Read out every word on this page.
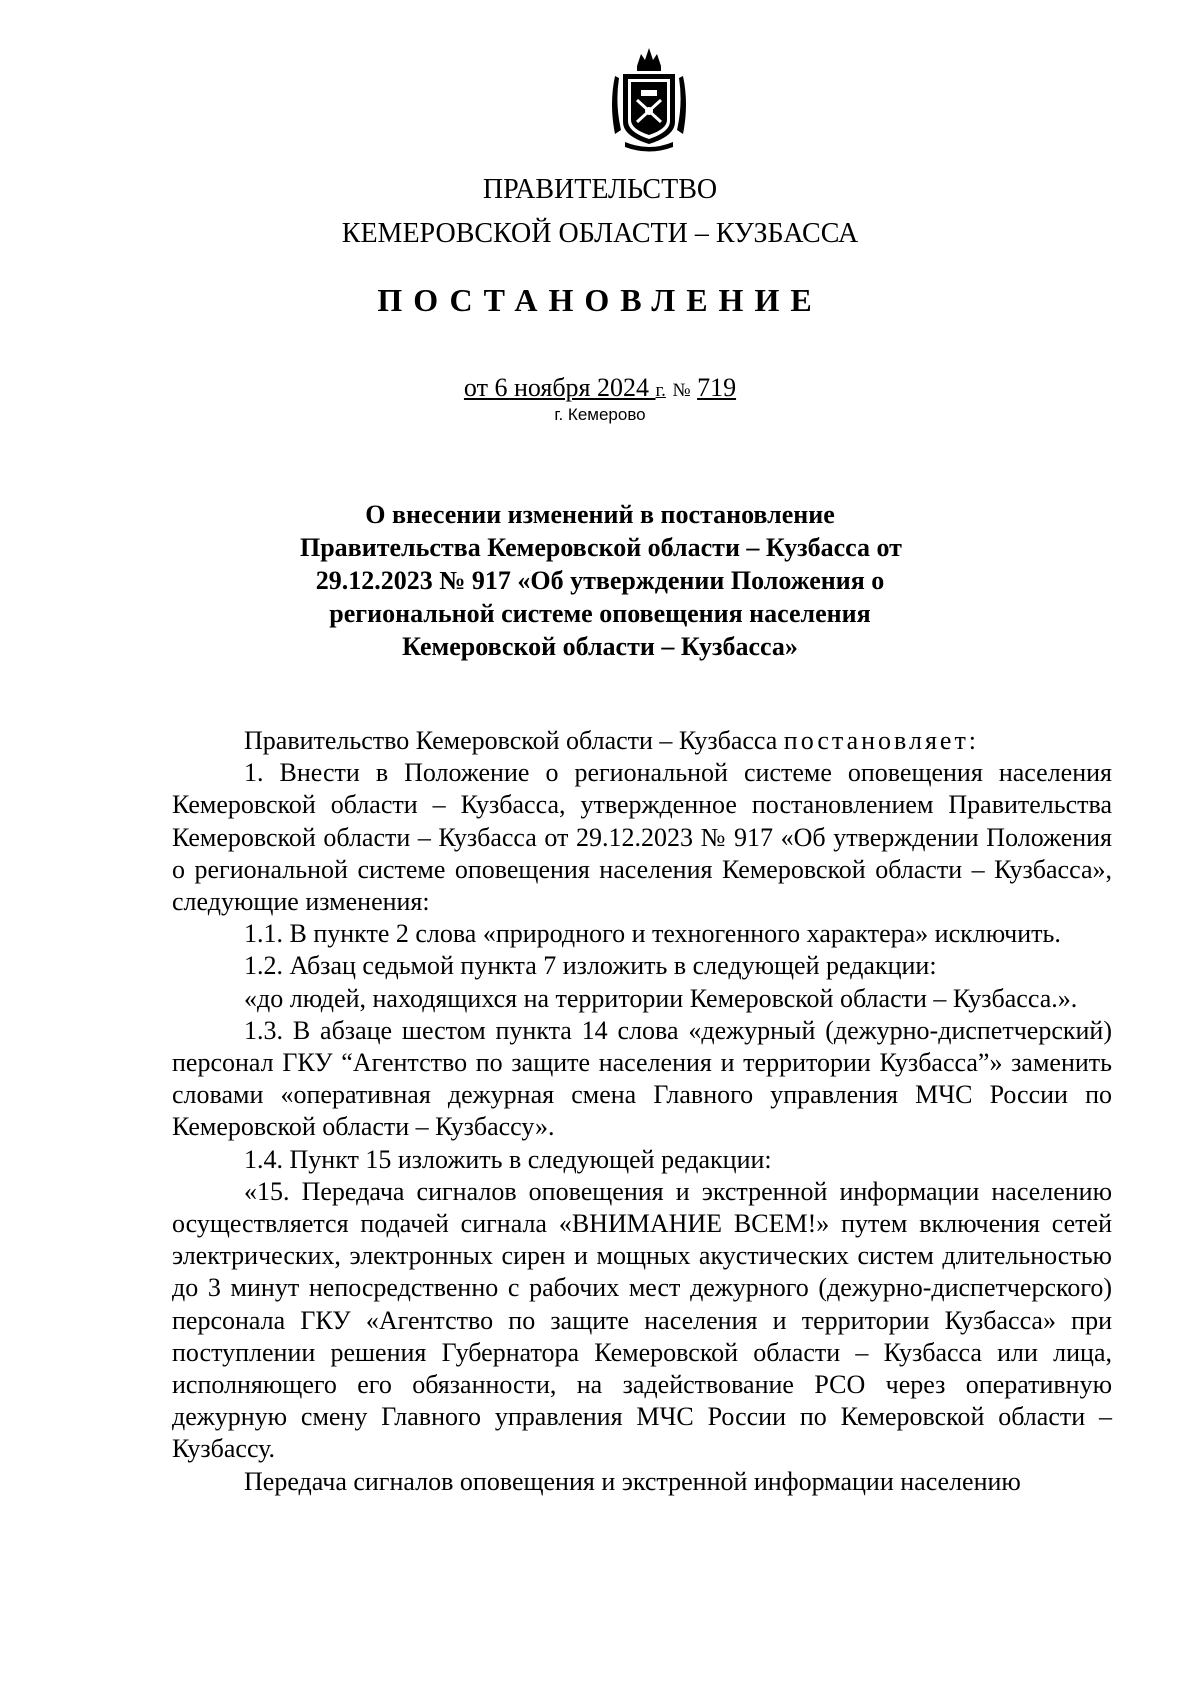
ПРАВИТЕЛЬСТВО
КЕМЕРОВСКОЙ ОБЛАСТИ – КУЗБАССА
ПОСТАНОВЛЕНИЕ
от 6 ноября 2024 г. № 719
г. Кемерово
О внесении изменений в постановление
Правительства Кемеровской области – Кузбасса от
29.12.2023 № 917 «Об утверждении Положения о
региональной системе оповещения населения
Кемеровской области – Кузбасса»

Правительство Кемеровской области – Кузбасса постановляет:

1. Внести в Положение о региональной системе оповещения населения Кемеровской области – Кузбасса, утвержденное постановлением Правительства Кемеровской области – Кузбасса от 29.12.2023 № 917 «Об утверждении Положения о региональной системе оповещения населения Кемеровской области – Кузбасса», следующие изменения:

1.1. В пункте 2 слова «природного и техногенного характера» исключить.

1.2. Абзац седьмой пункта 7 изложить в следующей редакции:

«до людей, находящихся на территории Кемеровской области – Кузбасса.».

1.3. В абзаце шестом пункта 14 слова «дежурный (дежурно-диспетчерский) персонал ГКУ “Агентство по защите населения и территории Кузбасса”» заменить словами «оперативная дежурная смена Главного управления МЧС России по Кемеровской области – Кузбассу».

1.4. Пункт 15 изложить в следующей редакции:

«15. Передача сигналов оповещения и экстренной информации населению осуществляется подачей сигнала «ВНИМАНИЕ ВСЕМ!» путем включения сетей электрических, электронных сирен и мощных акустических систем длительностью до 3 минут непосредственно с рабочих мест дежурного (дежурно-диспетчерского) персонала ГКУ «Агентство по защите населения и территории Кузбасса» при поступлении решения Губернатора Кемеровской области – Кузбасса или лица, исполняющего его обязанности, на задействование РСО через оперативную дежурную смену Главного управления МЧС России по Кемеровской области – Кузбассу.

Передача сигналов оповещения и экстренной информации населению
